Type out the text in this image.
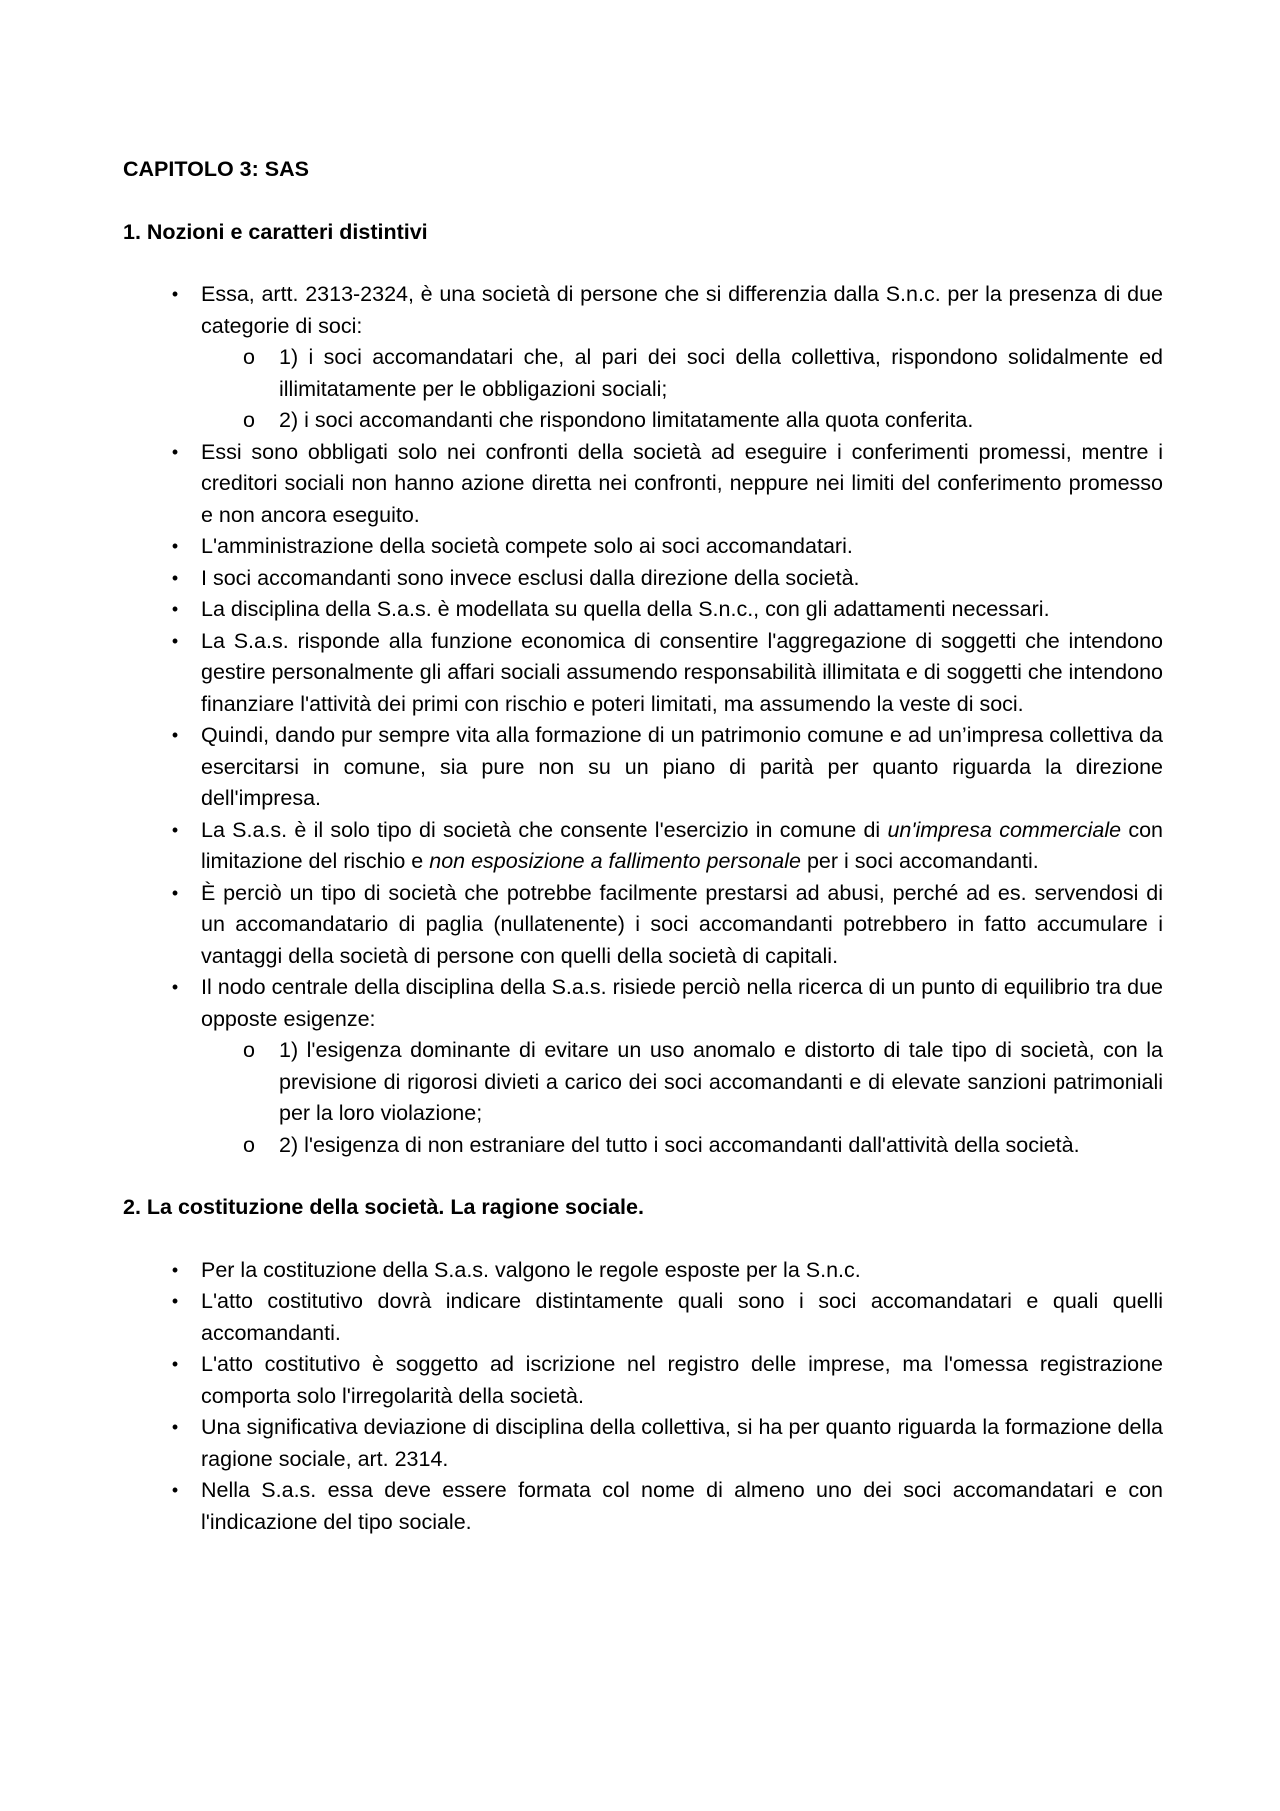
CAPITOLO 3: SAS
1. Nozioni e caratteri distintivi
•	Essa, artt. 2313-2324, è una società di persone che si differenzia dalla S.n.c. per la presenza di due categorie di soci:
o 1) i soci accomandatari che, al pari dei soci della collettiva, rispondono solidalmente ed illimitatamente per le obbligazioni sociali;
o 2) i soci accomandanti che rispondono limitatamente alla quota conferita.
•	Essi sono obbligati solo nei confronti della società ad eseguire i conferimenti promessi, mentre i creditori sociali non hanno azione diretta nei confronti, neppure nei limiti del conferimento promesso e non ancora eseguito.
•	L'amministrazione della società compete solo ai soci accomandatari.
•	I soci accomandanti sono invece esclusi dalla direzione della società.
•	La disciplina della S.a.s. è modellata su quella della S.n.c., con gli adattamenti necessari.
•	La S.a.s. risponde alla funzione economica di consentire l'aggregazione di soggetti che intendono gestire personalmente gli affari sociali assumendo responsabilità illimitata e di soggetti che intendono finanziare l'attività dei primi con rischio e poteri limitati, ma assumendo la veste di soci.
•	Quindi, dando pur sempre vita alla formazione di un patrimonio comune e ad un’impresa collettiva da esercitarsi in comune, sia pure non su un piano di parità per quanto riguarda la direzione dell'impresa.
•	La S.a.s. è il solo tipo di società che consente l'esercizio in comune di un'impresa commerciale con limitazione del rischio e non esposizione a fallimento personale per i soci accomandanti.
•	È perciò un tipo di società che potrebbe facilmente prestarsi ad abusi, perché ad es. servendosi di un accomandatario di paglia (nullatenente) i soci accomandanti potrebbero in fatto accumulare i vantaggi della società di persone con quelli della società di capitali.
•	Il nodo centrale della disciplina della S.a.s. risiede perciò nella ricerca di un punto di equilibrio tra due opposte esigenze:
o 1) l'esigenza dominante di evitare un uso anomalo e distorto di tale tipo di società, con la previsione di rigorosi divieti a carico dei soci accomandanti e di elevate sanzioni patrimoniali per la loro violazione;
o 2) l'esigenza di non estraniare del tutto i soci accomandanti dall'attività della società.
2. La costituzione della società. La ragione sociale.
•	Per la costituzione della S.a.s. valgono le regole esposte per la S.n.c.
•	L'atto costitutivo dovrà indicare distintamente quali sono i soci accomandatari e quali quelli accomandanti.
•	L'atto costitutivo è soggetto ad iscrizione nel registro delle imprese, ma l'omessa registrazione comporta solo l'irregolarità della società.
•	Una significativa deviazione di disciplina della collettiva, si ha per quanto riguarda la formazione della ragione sociale, art. 2314.
•	Nella S.a.s. essa deve essere formata col nome di almeno uno dei soci accomandatari e con l'indicazione del tipo sociale.
